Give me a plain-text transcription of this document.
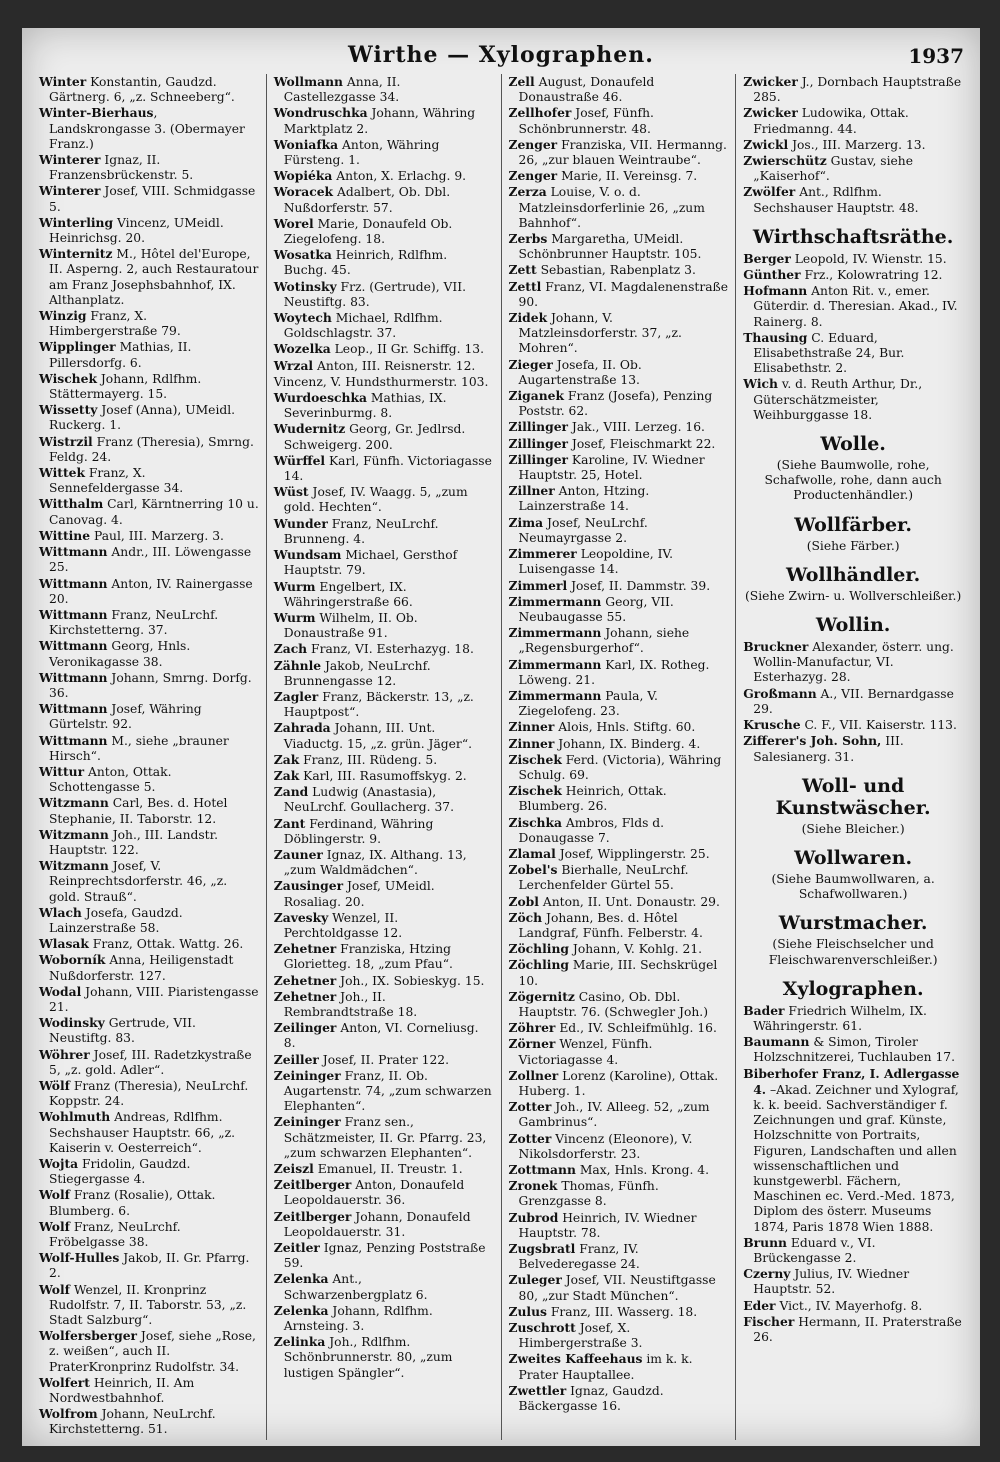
Wirthe — Xylographen.	1937

Winter Konstantin, Gaudzd. Gärtnerg. 6, „z. Schneeberg“.

Winter-Bierhaus, Landskrongasse 3. (Obermayer Franz.)

Winterer Ignaz, II. Franzensbrückenstr. 5.

Winterer Josef, VIII. Schmidgasse 5.

Winterling Vincenz, UMeidl. Heinrichsg. 20.

Winternitz M., Hôtel del'Europe, II. Asperng. 2, auch Restauratour am Franz Josephsbahnhof, IX. Althanplatz.

Winzig Franz, X. Himbergerstraße 79.

Wipplinger Mathias, II. Pillersdorfg. 6.

Wischek Johann, Rdlfhm. Stättermayerg. 15.

Wissetty Josef (Anna), UMeidl. Ruckerg. 1.

Wistrzil Franz (Theresia), Smrng. Feldg. 24.

Wittek Franz, X. Sennefeldergasse 34.

Witthalm Carl, Kärntnerring 10 u. Canovag. 4.

Wittine Paul, III. Marzerg. 3.

Wittmann Andr., III. Löwengasse 25.

Wittmann Anton, IV. Rainergasse 20.

Wittmann Franz, NeuLrchf. Kirchstetterng. 37.

Wittmann Georg, Hnls. Veronikagasse 38.

Wittmann Johann, Smrng. Dorfg. 36.

Wittmann Josef, Währing Gürtelstr. 92.

Wittmann M., siehe „brauner Hirsch“.

Wittur Anton, Ottak. Schottengasse 5.

Witzmann Carl, Bes. d. Hotel Stephanie, II. Taborstr. 12.

Witzmann Joh., III. Landstr. Hauptstr. 122.

Witzmann Josef, V. Reinprechtsdorferstr. 46, „z. gold. Strauß“.

Wlach Josefa, Gaudzd. Lainzerstraße 58.

Wlasak Franz, Ottak. Wattg. 26.

Woborník Anna, Heiligenstadt Nußdorferstr. 127.

Wodal Johann, VIII. Piaristengasse 21.

Wodinsky Gertrude, VII. Neustiftg. 83.

Wöhrer Josef, III. Radetzkystraße 5, „z. gold. Adler“.

Wölf Franz (Theresia), NeuLrchf. Koppstr. 24.

Wohlmuth Andreas, Rdlfhm. Sechshauser Hauptstr. 66, „z. Kaiserin v. Oesterreich“.

Wojta Fridolin, Gaudzd. Stiegergasse 4.

Wolf Franz (Rosalie), Ottak. Blumberg. 6.

Wolf Franz, NeuLrchf. Fröbelgasse 38.

Wolf-Hulles Jakob, II. Gr. Pfarrg. 2.

Wolf Wenzel, II. Kronprinz Rudolfstr. 7, II. Taborstr. 53, „z. Stadt Salzburg“.

Wolfersberger Josef, siehe „Rose, z. weißen“, auch II. PraterKronprinz Rudolfstr. 34.

Wolfert Heinrich, II. Am Nordwestbahnhof.

Wolfrom Johann, NeuLrchf. Kirchstetterng. 51.

Wollmann Anna, II. Castellezgasse 34.

Wondruschka Johann, Währing Marktplatz 2.

Woniafka Anton, Währing Fürsteng. 1.

Wopiéka Anton, X. Erlachg. 9.

Woracek Adalbert, Ob. Dbl. Nußdorferstr. 57.

Worel Marie, Donaufeld Ob. Ziegelofeng. 18.

Wosatka Heinrich, Rdlfhm. Buchg. 45.

Wotinsky Frz. (Gertrude), VII. Neustiftg. 83.

Woytech Michael, Rdlfhm. Goldschlagstr. 37.

Wozelka Leop., II Gr. Schiffg. 13.

Wrzal Anton, III. Reisnerstr. 12.

Vincenz, V. Hundsthurmerstr. 103.

Wurdoeschka Mathias, IX. Severinburmg. 8.

Wudernitz Georg, Gr. Jedlrsd. Schweigerg. 200.

Würffel Karl, Fünfh. Victoriagasse 14.

Wüst Josef, IV. Waagg. 5, „zum gold. Hechten“.

Wunder Franz, NeuLrchf. Brunneng. 4.

Wundsam Michael, Gersthof Hauptstr. 79.

Wurm Engelbert, IX. Währingerstraße 66.

Wurm Wilhelm, II. Ob. Donaustraße 91.

Zach Franz, VI. Esterhazyg. 18.

Zähnle Jakob, NeuLrchf. Brunnengasse 12.

Zagler Franz, Bäckerstr. 13, „z. Hauptpost“.

Zahrada Johann, III. Unt. Viaductg. 15, „z. grün. Jäger“.

Zak Franz, III. Rüdeng. 5.

Zak Karl, III. Rasumoffskyg. 2.

Zand Ludwig (Anastasia), NeuLrchf. Goullacherg. 37.

Zant Ferdinand, Währing Döblingerstr. 9.

Zauner Ignaz, IX. Althang. 13, „zum Waldmädchen“.

Zausinger Josef, UMeidl. Rosaliag. 20.

Zavesky Wenzel, II. Perchtoldgasse 12.

Zehetner Franziska, Htzing Glorietteg. 18, „zum Pfau“.

Zehetner Joh., IX. Sobieskyg. 15.

Zehetner Joh., II. Rembrandtstraße 18.

Zeilinger Anton, VI. Corneliusg. 8.

Zeiller Josef, II. Prater 122.

Zeininger Franz, II. Ob. Augartenstr. 74, „zum schwarzen Elephanten“.

Zeininger Franz sen., Schätzmeister, II. Gr. Pfarrg. 23, „zum schwarzen Elephanten“.

Zeiszl Emanuel, II. Treustr. 1.

Zeitlberger Anton, Donaufeld Leopoldauerstr. 36.

Zeitlberger Johann, Donaufeld Leopoldauerstr. 31.

Zeitler Ignaz, Penzing Poststraße 59.

Zelenka Ant., Schwarzenbergplatz 6.

Zelenka Johann, Rdlfhm. Arnsteing. 3.

Zelinka Joh., Rdlfhm. Schönbrunnerstr. 80, „zum lustigen Spängler“.

Zell August, Donaufeld Donaustraße 46.

Zellhofer Josef, Fünfh. Schönbrunnerstr. 48.

Zenger Franziska, VII. Hermanng. 26, „zur blauen Weintraube“.

Zenger Marie, II. Vereinsg. 7.

Zerza Louise, V. o. d. Matzleinsdorferlinie 26, „zum Bahnhof“.

Zerbs Margaretha, UMeidl. Schönbrunner Hauptstr. 105.

Zett Sebastian, Rabenplatz 3.

Zettl Franz, VI. Magdalenenstraße 90.

Zidek Johann, V. Matzleinsdorferstr. 37, „z. Mohren“.

Zieger Josefa, II. Ob. Augartenstraße 13.

Ziganek Franz (Josefa), Penzing Poststr. 62.

Zillinger Jak., VIII. Lerzeg. 16.

Zillinger Josef, Fleischmarkt 22.

Zillinger Karoline, IV. Wiedner Hauptstr. 25, Hotel.

Zillner Anton, Htzing. Lainzerstraße 14.

Zima Josef, NeuLrchf. Neumayrgasse 2.

Zimmerer Leopoldine, IV. Luisengasse 14.

Zimmerl Josef, II. Dammstr. 39.

Zimmermann Georg, VII. Neubaugasse 55.

Zimmermann Johann, siehe „Regensburgerhof“.

Zimmermann Karl, IX. Rotheg. Löweng. 21.

Zimmermann Paula, V. Ziegelofeng. 23.

Zinner Alois, Hnls. Stiftg. 60.

Zinner Johann, IX. Binderg. 4.

Zischek Ferd. (Victoria), Währing Schulg. 69.

Zischek Heinrich, Ottak. Blumberg. 26.

Zischka Ambros, Flds d. Donaugasse 7.

Zlamal Josef, Wipplingerstr. 25.

Zobel's Bierhalle, NeuLrchf. Lerchenfelder Gürtel 55.

Zobl Anton, II. Unt. Donaustr. 29.

Zöch Johann, Bes. d. Hôtel Landgraf, Fünfh. Felberstr. 4.

Zöchling Johann, V. Kohlg. 21.

Zöchling Marie, III. Sechskrügel 10.

Zögernitz Casino, Ob. Dbl. Hauptstr. 76. (Schwegler Joh.)

Zöhrer Ed., IV. Schleifmühlg. 16.

Zörner Wenzel, Fünfh. Victoriagasse 4.

Zollner Lorenz (Karoline), Ottak. Huberg. 1.

Zotter Joh., IV. Alleeg. 52, „zum Gambrinus“.

Zotter Vincenz (Eleonore), V. Nikolsdorferstr. 23.

Zottmann Max, Hnls. Krong. 4.

Zronek Thomas, Fünfh. Grenzgasse 8.

Zubrod Heinrich, IV. Wiedner Hauptstr. 78.

Zugsbratl Franz, IV. Belvederegasse 24.

Zuleger Josef, VII. Neustiftgasse 80, „zur Stadt München“.

Zulus Franz, III. Wasserg. 18.

Zuschrott Josef, X. Himbergerstraße 3.

Zweites Kaffeehaus im k. k. Prater Hauptallee.

Zwettler Ignaz, Gaudzd. Bäckergasse 16.

Zwicker J., Dornbach Hauptstraße 285.

Zwicker Ludowika, Ottak. Friedmanng. 44.

Zwickl Jos., III. Marzerg. 13.

Zwierschütz Gustav, siehe „Kaiserhof“.

Zwölfer Ant., Rdlfhm. Sechshauser Hauptstr. 48.

Wirthschaftsräthe.

Berger Leopold, IV. Wienstr. 15.

Günther Frz., Kolowratring 12.

Hofmann Anton Rit. v., emer. Güterdir. d. Theresian. Akad., IV. Rainerg. 8.

Thausing C. Eduard, Elisabethstraße 24, Bur. Elisabethstr. 2.

Wich v. d. Reuth Arthur, Dr., Güterschätzmeister, Weihburggasse 18.

Wolle.
(Siehe Baumwolle, rohe, Schafwolle, rohe, dann auch Productenhändler.)
Wollfärber.
(Siehe Färber.)
Wollhändler.
(Siehe Zwirn- u. Wollverschleißer.)
Wollin.

Bruckner Alexander, österr. ung. Wollin-Manufactur, VI. Esterhazyg. 28.

Großmann A., VII. Bernardgasse 29.

Krusche C. F., VII. Kaiserstr. 113.

Zifferer's Joh. Sohn, III. Salesianerg. 31.

Woll- und Kunstwäscher.
(Siehe Bleicher.)
Wollwaren.
(Siehe Baumwollwaren, a. Schafwollwaren.)
Wurstmacher.
(Siehe Fleischselcher und Fleischwarenverschleißer.)
Xylographen.

Bader Friedrich Wilhelm, IX. Währingerstr. 61.

Baumann & Simon, Tiroler Holzschnitzerei, Tuchlauben 17.

Biberhofer Franz, I. Adlergasse 4. –Akad. Zeichner und Xylograf, k. k. beeid. Sachverständiger f. Zeichnungen und graf. Künste, Holzschnitte von Portraits, Figuren, Landschaften und allen wissenschaftlichen und kunstgewerbl. Fächern, Maschinen ec. Verd.-Med. 1873, Diplom des österr. Museums 1874, Paris 1878 Wien 1888.

Brunn Eduard v., VI. Brückengasse 2.

Czerny Julius, IV. Wiedner Hauptstr. 52.

Eder Vict., IV. Mayerhofg. 8.

Fischer Hermann, II. Praterstraße 26.
